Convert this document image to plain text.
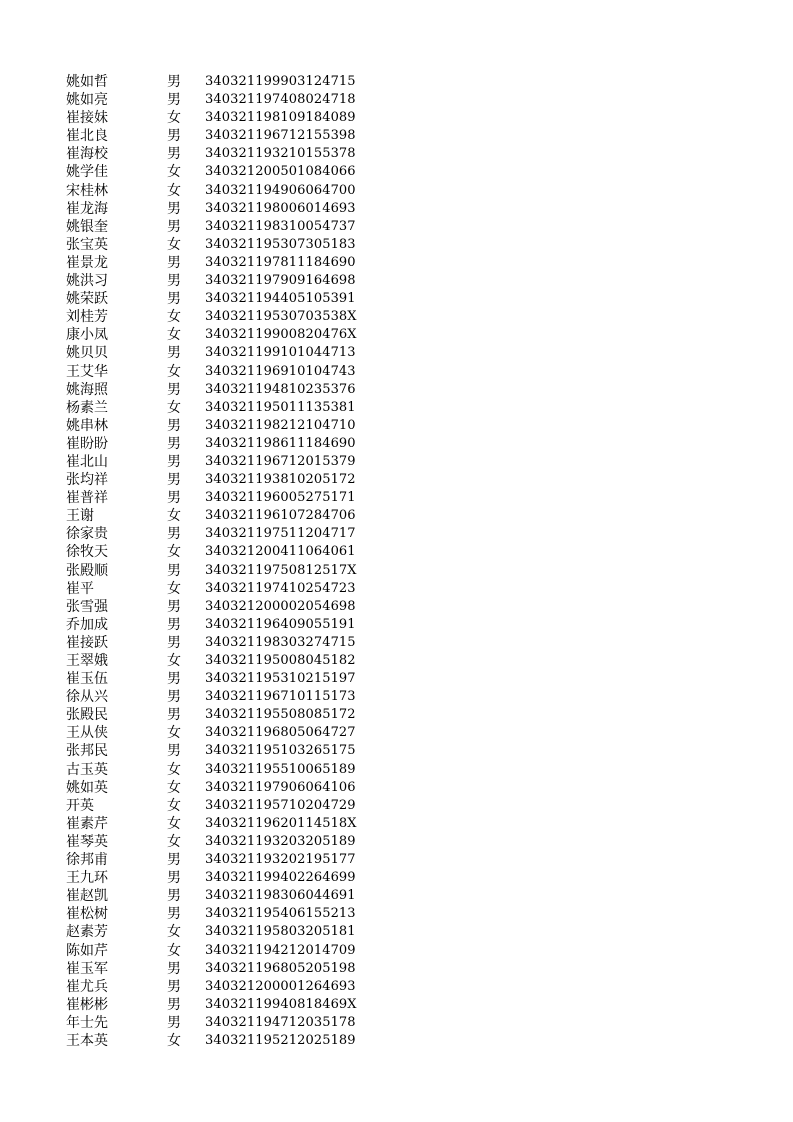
姚如哲	男 340321199903124715
姚如亮	男 340321197408024718
崔接妹	女 340321198109184089
崔北良	男 340321196712155398
崔海校	男 340321193210155378
姚学佳	女 340321200501084066
宋桂林	女 340321194906064700
崔龙海	男 340321198006014693
姚银奎	男 340321198310054737
张宝英	女 340321195307305183
崔景龙	男 340321197811184690
姚洪习	男 340321197909164698
姚荣跃	男 340321194405105391
刘桂芳	女 34032119530703538X
康小凤	女 34032119900820476X
姚贝贝	男 340321199101044713
王艾华	女 340321196910104743
姚海照	男 340321194810235376
杨素兰	女 340321195011135381
姚串林	男 340321198212104710
崔盼盼	男 340321198611184690
崔北山	男 340321196712015379
张均祥	男 340321193810205172
崔普祥	男 340321196005275171
王谢	女 340321196107284706
徐家贵	男 340321197511204717
徐牧天	女 340321200411064061
张殿顺	男 34032119750812517X
崔平	女 340321197410254723
张雪强	男 340321200002054698
乔加成	男 340321196409055191
崔接跃	男 340321198303274715
王翠娥	女 340321195008045182
崔玉伍	男 340321195310215197
徐从兴	男 340321196710115173
张殿民	男 340321195508085172
王从侠	女 340321196805064727
张邦民	男 340321195103265175
古玉英	女 340321195510065189
姚如英	女 340321197906064106
开英	女 340321195710204729
崔素芹	女 34032119620114518X
崔琴英	女 340321193203205189
徐邦甫	男 340321193202195177
王九环	男 340321199402264699
崔赵凯	男 340321198306044691
崔松树	男 340321195406155213
赵素芳	女 340321195803205181
陈如芹	女 340321194212014709
崔玉军	男 340321196805205198
崔尤兵	男 340321200001264693
崔彬彬	男 34032119940818469X
年士先	男 340321194712035178
王本英	女 340321195212025189
